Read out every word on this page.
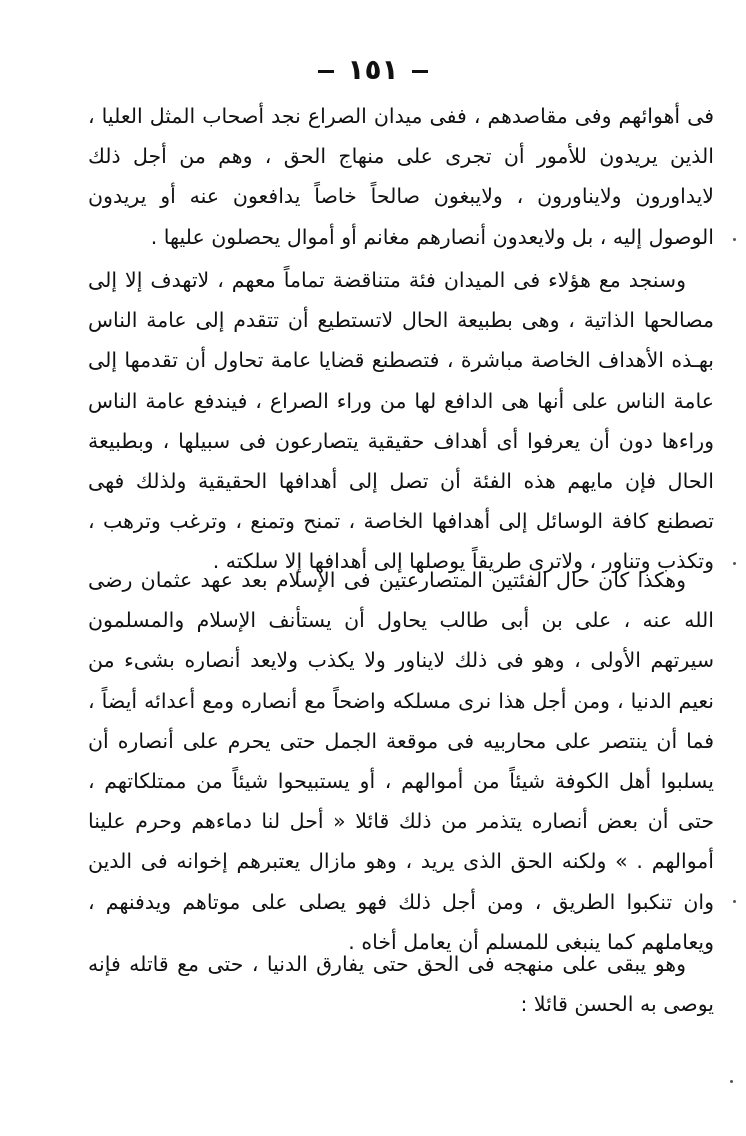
١٥١

فى أهوائهم وفى مقاصدهم ، ففى ميدان الصراع نجد أصحاب المثل العليا ، الذين يريدون للأمور أن تجرى على منهاج الحق ، وهم من أجل ذلك لايداورون ولايناورون ، ولايبغون صالحاً خاصاً يدافعون عنه أو يريدون الوصول إليه ، بل ولايعدون أنصارهم مغانم أو أموال يحصلون عليها .

وسنجد مع هؤلاء فى الميدان فئة متناقضة تماماً معهم ، لاتهدف إلا إلى مصالحها الذاتية ، وهى بطبيعة الحال لاتستطيع أن تتقدم إلى عامة الناس بهـذه الأهداف الخاصة مباشرة ، فتصطنع قضايا عامة تحاول أن تقدمها إلى عامة الناس على أنها هى الدافع لها من وراء الصراع ، فيندفع عامة الناس وراءها دون أن يعرفوا أى أهداف حقيقية يتصارعون فى سبيلها ، وبطبيعة الحال فإن مايهم هذه الفئة أن تصل إلى أهدافها الحقيقية ولذلك فهى تصطنع كافة الوسائل إلى أهدافها الخاصة ، تمنح وتمنع ، وترغب وترهب ، وتكذب وتناور ، ولاترى طريقاً يوصلها إلى أهدافها إلا سلكته .

وهكذا كان حال الفئتين المتصارعتين فى الإسلام بعد عهد عثمان رضى الله عنه ، على بن أبى طالب يحاول أن يستأنف الإسلام والمسلمون سيرتهم الأولى ، وهو فى ذلك لايناور ولا يكذب ولايعد أنصاره بشىء من نعيم الدنيا ، ومن أجل هذا نرى مسلكه واضحاً مع أنصاره ومع أعدائه أيضاً ، فما أن ينتصر على محاربيه فى موقعة الجمل حتى يحرم على أنصاره أن يسلبوا أهل الكوفة شيئاً من أموالهم ، أو يستبيحوا شيئاً من ممتلكاتهم ، حتى أن بعض أنصاره يتذمر من ذلك قائلا « أحل لنا دماءهم وحرم علينا أموالهم . » ولكنه الحق الذى يريد ، وهو مازال يعتبرهم إخوانه فى الدين وان تنكبوا الطريق ، ومن أجل ذلك فهو يصلى على موتاهم ويدفنهم ، ويعاملهم كما ينبغى للمسلم أن يعامل أخاه .

وهو يبقى على منهجه فى الحق حتى يفارق الدنيا ، حتى مع قاتله فإنه يوصى به الحسن قائلا :
